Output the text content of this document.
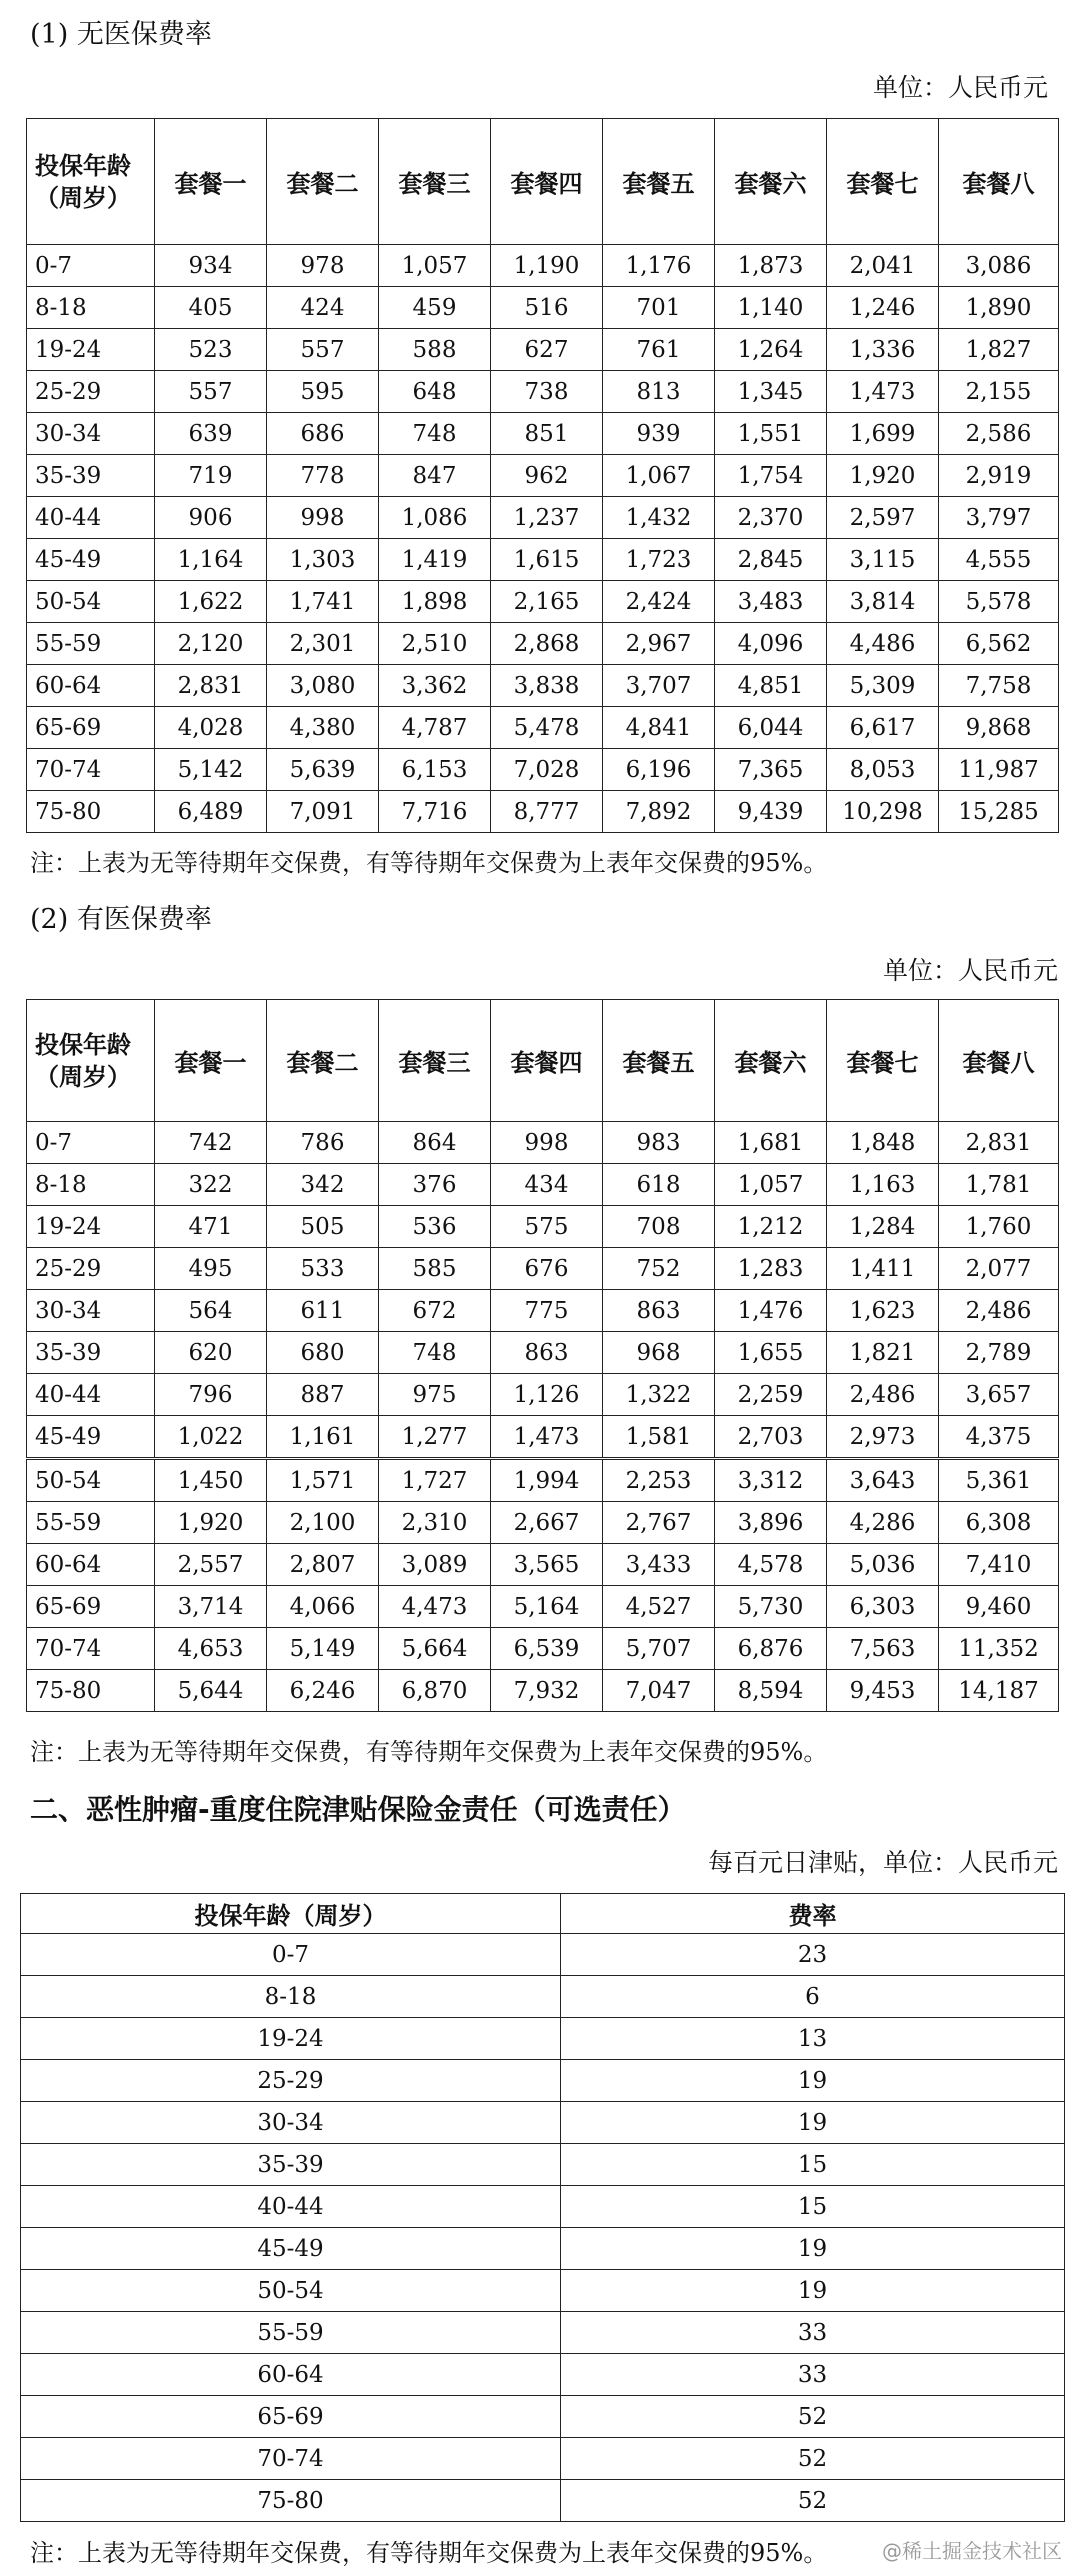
(1) 无医保费率
单位：人民币元
投保年龄（周岁）	套餐一	套餐二	套餐三	套餐四	套餐五	套餐六	套餐七	套餐八
0-7	934	978	1,057	1,190	1,176	1,873	2,041	3,086
8-18	405	424	459	516	701	1,140	1,246	1,890
19-24	523	557	588	627	761	1,264	1,336	1,827
25-29	557	595	648	738	813	1,345	1,473	2,155
30-34	639	686	748	851	939	1,551	1,699	2,586
35-39	719	778	847	962	1,067	1,754	1,920	2,919
40-44	906	998	1,086	1,237	1,432	2,370	2,597	3,797
45-49	1,164	1,303	1,419	1,615	1,723	2,845	3,115	4,555
50-54	1,622	1,741	1,898	2,165	2,424	3,483	3,814	5,578
55-59	2,120	2,301	2,510	2,868	2,967	4,096	4,486	6,562
60-64	2,831	3,080	3,362	3,838	3,707	4,851	5,309	7,758
65-69	4,028	4,380	4,787	5,478	4,841	6,044	6,617	9,868
70-74	5,142	5,639	6,153	7,028	6,196	7,365	8,053	11,987
75-80	6,489	7,091	7,716	8,777	7,892	9,439	10,298	15,285
注：上表为无等待期年交保费，有等待期年交保费为上表年交保费的95%。
(2) 有医保费率
单位：人民币元
投保年龄（周岁）	套餐一	套餐二	套餐三	套餐四	套餐五	套餐六	套餐七	套餐八
0-7	742	786	864	998	983	1,681	1,848	2,831
8-18	322	342	376	434	618	1,057	1,163	1,781
19-24	471	505	536	575	708	1,212	1,284	1,760
25-29	495	533	585	676	752	1,283	1,411	2,077
30-34	564	611	672	775	863	1,476	1,623	2,486
35-39	620	680	748	863	968	1,655	1,821	2,789
40-44	796	887	975	1,126	1,322	2,259	2,486	3,657
45-49	1,022	1,161	1,277	1,473	1,581	2,703	2,973	4,375
50-54	1,450	1,571	1,727	1,994	2,253	3,312	3,643	5,361
55-59	1,920	2,100	2,310	2,667	2,767	3,896	4,286	6,308
60-64	2,557	2,807	3,089	3,565	3,433	4,578	5,036	7,410
65-69	3,714	4,066	4,473	5,164	4,527	5,730	6,303	9,460
70-74	4,653	5,149	5,664	6,539	5,707	6,876	7,563	11,352
75-80	5,644	6,246	6,870	7,932	7,047	8,594	9,453	14,187
注：上表为无等待期年交保费，有等待期年交保费为上表年交保费的95%。
二、恶性肿瘤-重度住院津贴保险金责任（可选责任）
每百元日津贴，单位：人民币元
投保年龄（周岁）	费率
0-7	23
8-18	6
19-24	13
25-29	19
30-34	19
35-39	15
40-44	15
45-49	19
50-54	19
55-59	33
60-64	33
65-69	52
70-74	52
75-80	52
注：上表为无等待期年交保费，有等待期年交保费为上表年交保费的95%。	@稀土掘金技术社区
